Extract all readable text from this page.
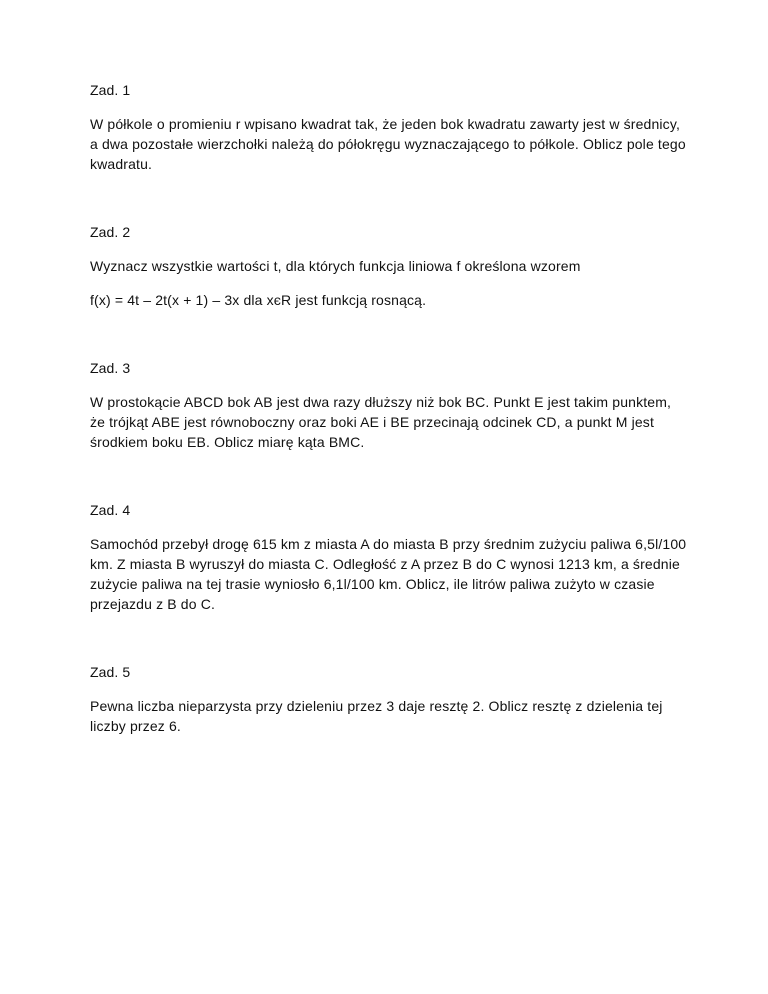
Zad. 1

W półkole o promieniu r wpisano kwadrat tak, że jeden bok kwadratu zawarty jest w średnicy, a dwa pozostałe wierzchołki należą do półokręgu wyznaczającego to półkole. Oblicz pole tego kwadratu.

Zad. 2

Wyznacz wszystkie wartości t, dla których funkcja liniowa f określona wzorem

f(x) = 4t – 2t(x + 1) – 3x dla xєR jest funkcją rosnącą.

Zad. 3

W prostokącie ABCD bok AB jest dwa razy dłuższy niż bok BC. Punkt E jest takim punktem, że trójkąt ABE jest równoboczny oraz boki AE i BE przecinają odcinek CD, a punkt M jest środkiem boku EB. Oblicz miarę kąta BMC.

Zad. 4

Samochód przebył drogę 615 km z miasta A do miasta B przy średnim zużyciu paliwa 6,5l/100 km. Z miasta B wyruszył do miasta C. Odległość z A przez B do C wynosi 1213 km, a średnie zużycie paliwa na tej trasie wyniosło 6,1l/100 km. Oblicz, ile litrów paliwa zużyto w czasie przejazdu z B do C.

Zad. 5

Pewna liczba nieparzysta przy dzieleniu przez 3 daje resztę 2. Oblicz resztę z dzielenia tej liczby przez 6.
